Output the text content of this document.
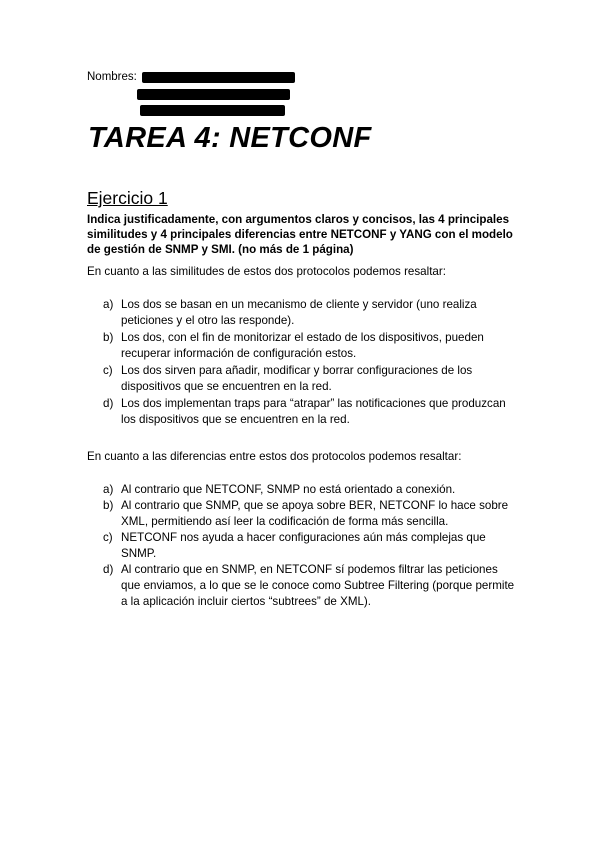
Nombres:
TAREA 4: NETCONF
Ejercicio 1
Indica justificadamente, con argumentos claros y concisos, las 4 principales similitudes y 4 principales diferencias entre NETCONF y YANG con el modelo de gestión de SNMP y SMI. (no más de 1 página)
En cuanto a las similitudes de estos dos protocolos podemos resaltar:
a) Los dos se basan en un mecanismo de cliente y servidor (uno realiza peticiones y el otro las responde).
b) Los dos, con el fin de monitorizar el estado de los dispositivos, pueden recuperar información de configuración estos.
c) Los dos sirven para añadir, modificar y borrar configuraciones de los dispositivos que se encuentren en la red.
d) Los dos implementan traps para “atrapar” las notificaciones que produzcan los dispositivos que se encuentren en la red.
En cuanto a las diferencias entre estos dos protocolos podemos resaltar:
a) Al contrario que NETCONF, SNMP no está orientado a conexión.
b) Al contrario que SNMP, que se apoya sobre BER, NETCONF lo hace sobre XML, permitiendo así leer la codificación de forma más sencilla.
c) NETCONF nos ayuda a hacer configuraciones aún más complejas que SNMP.
d) Al contrario que en SNMP, en NETCONF sí podemos filtrar las peticiones que enviamos, a lo que se le conoce como Subtree Filtering (porque permite a la aplicación incluir ciertos “subtrees” de XML).
